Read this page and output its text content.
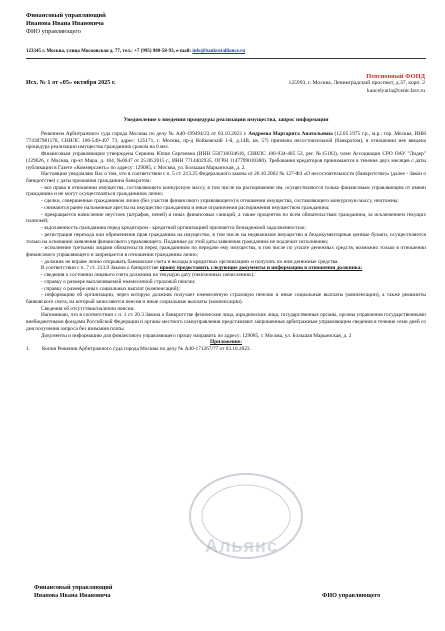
Финансовый управляющий
Иванова Ивана Ивановича
ФИО управляющего
123345 г. Москва, улица Московская д. 77, тел.: +7 (995) 900-58-93, e-mail: info@bankrotalliance.ru
Исх. № 1 от «05» октября 2025 г.
Пенсионный ФОНД
125993, г. Москва, Ленинградский проспект, д.37, корп. 2
kancelyaria@centr.favt.ru
Уведомление о введении процедуры реализации имущества, запрос информации

Решением Арбитражного суда города Москвы по делу № А40-199494/23 от 03.10.2023 г. Андреева Маргарита Анатольевна (12.05.1975 г.р., м.р.: гор. Москва, ИНН 774307981178, СНИЛС 106-549-497 73, адрес: 125171, г. Москва, пр-д Войковский 1-й, д.14В, кв. 57) признана несостоятельной (банкротом), в отношении нее введена процедура реализации имущества гражданина сроком на 6 мес.

Финансовым управляющим утверждена Серкина Юлия Сергеевна (ИНН 550716034616, СНИЛС 106-934-405 52, рег. №15183), член Ассоциации СРО ОАУ "Лидер" (129626, г. Москва, пр-кт Мира, д. 104, №0047 от 25.06.2015 г., ИНН 7714402935, ОГРН 1147799010380). Требования кредиторов принимаются в течение двух месяцев с даты публикации в Газете «Коммерсантъ» по адресу: 129085, г. Москва, ул. Большая Марьинская, д. 2.

Настоящим уведомляю Вас о том, что в соответствии с п. 5 ст. 213.25 Федерального закона от 26.10.2002 № 127-ФЗ «О несостоятельности (банкротстве)» (далее - Закон о банкротстве) с даты признания гражданина банкротом:

- все права в отношении имущества, составляющего конкурсную массу, в том числе на распоряжение им, осуществляются только финансовым управляющим от имени гражданина и не могут осуществляться гражданином лично;

- сделки, совершенные гражданином лично (без участия финансового управляющего) в отношении имущества, составляющего конкурсную массу, ничтожны;

- снимаются ранее наложенные аресты на имущество гражданина и иные ограничения распоряжения имуществом гражданина;

- прекращается начисление неустоек (штрафов, пеней) и иных финансовых санкций, а также процентов по всем обязательствам гражданина, за исключением текущих платежей;

- задолженность гражданина перед кредитором - кредитной организацией признается безнадежной задолженностью;

- регистрация перехода или обременения прав гражданина на имущество, в том числе на недвижимое имущество и бездокументарные ценные бумаги, осуществляется только на основании заявления финансового управляющего. Поданные до этой даты заявления гражданина не подлежат исполнению;

- исполнение третьими лицами обязательств перед гражданином по передаче ему имущества, в том числе по уплате денежных средств, возможно только в отношении финансового управляющего и запрещается в отношении гражданина лично;

- должник не вправе лично открывать банковские счета и вклады в кредитных организациях и получать по ним денежные средства.

В соответствии с п. 7 ст. 213.9 Закона о банкротстве прошу предоставить следующие документы и информацию в отношении должника:

- сведения о состоянии лицевого счета должника на текущую дату (пенсионных начислениях);

- справку о размере выплачиваемой ежемесячной страховой пенсии;

- справку о размере иных социальных выплат (компенсаций);

- информацию об организации, через которую должник получает ежемесячную страховую пенсию и иные социальные выплаты (компенсации), а также реквизиты банковского счета, на который зачисляются пенсия и иные социальные выплаты (компенсации).

Сведения об отсутствии/наличии пенсии.

Напоминаю, что в соответствии с п. 1 ст. 20.3 Закона о банкротстве физические лица, юридические лица, государственные органы, органы управления государственными внебюджетными фондами Российской Федерации и органы местного самоуправления представляют запрошенные арбитражным управляющим сведения в течение семи дней со дня получения запроса без взимания платы.

Документы и информацию для финансового управляющего прошу направить по адресу: 129085, г. Москва, ул. Большая Марьинская, д. 2

Приложение:

1. Копия Решения Арбитражного суда города Москвы по делу № А40-171267/77 от 03.10.2023.
Альянс
Финансовый управляющий
Иванова Ивана Ивановича	ФИО управляющего
